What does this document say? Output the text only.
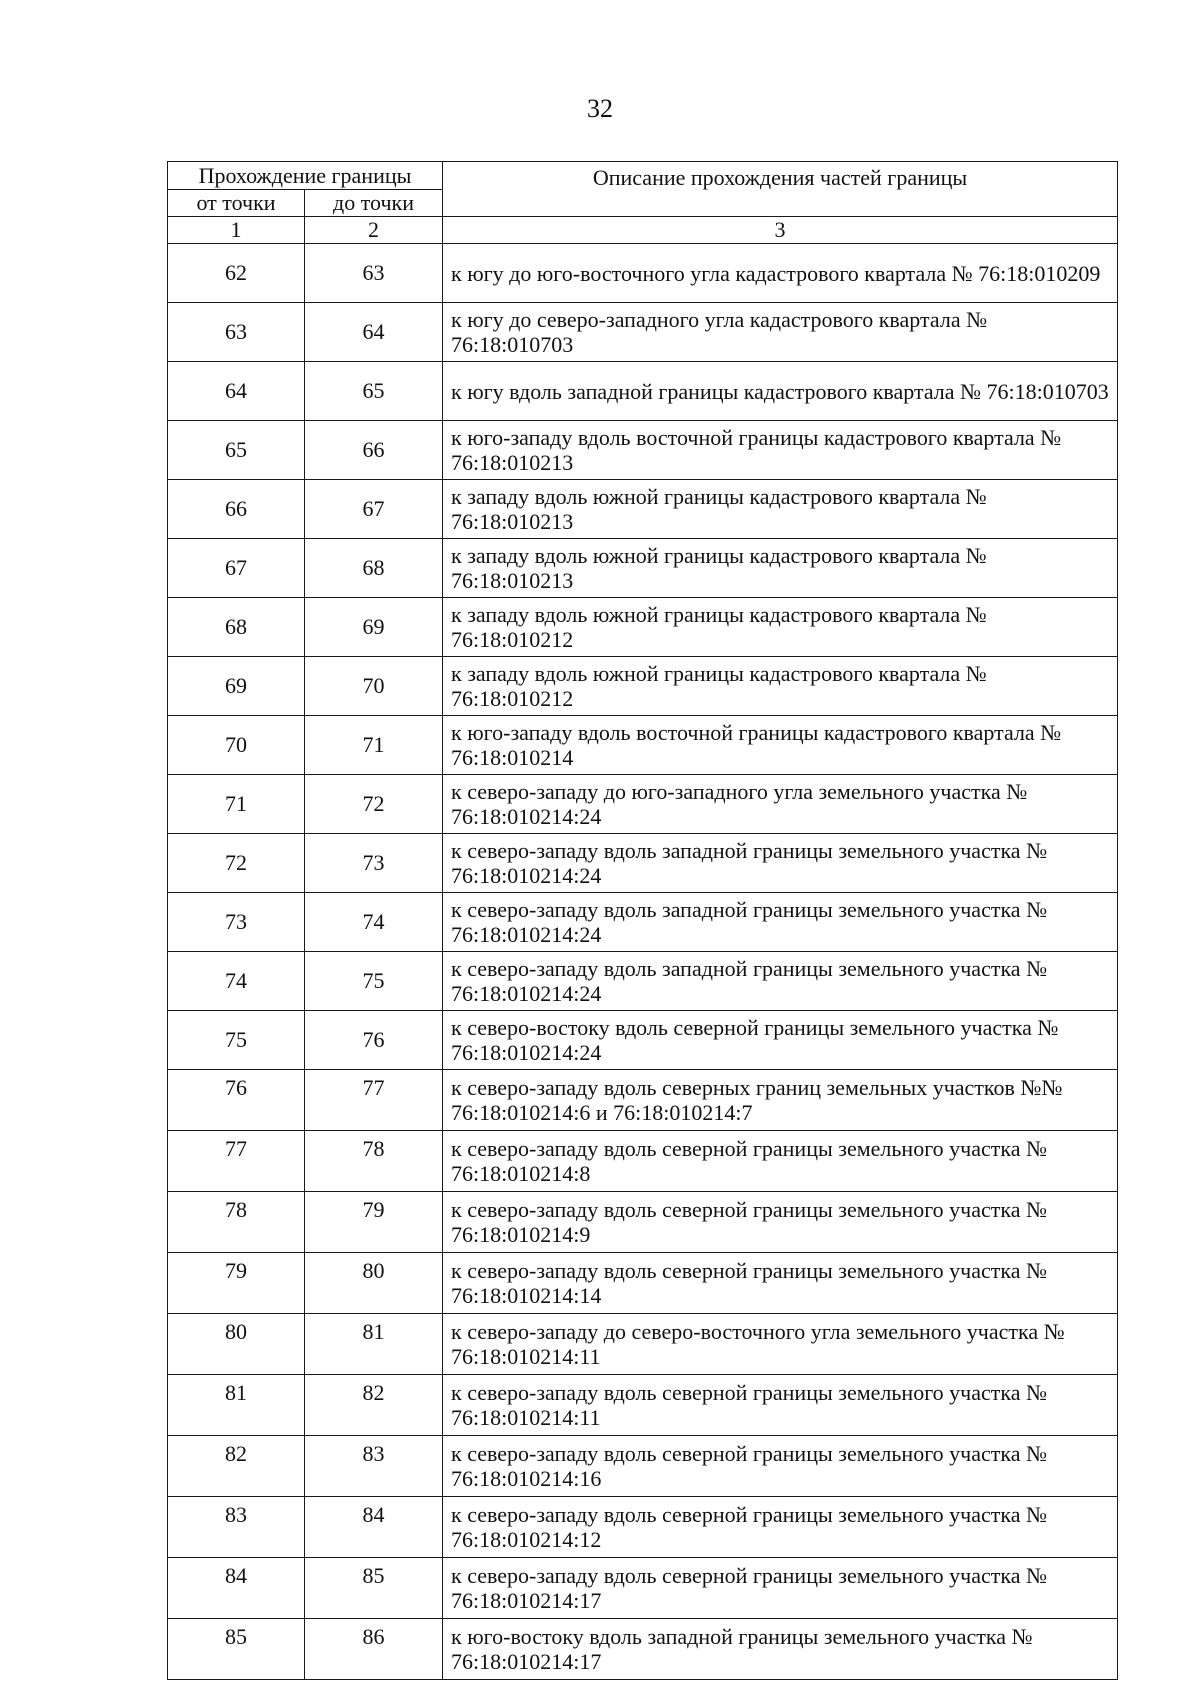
32
Прохождение границы		Описание прохождения частей границы
от точки	до точки	
1	2	3
62	63	к югу до юго-восточного угла кадастрового квартала № 76:18:010209
63	64	к югу до северо-западного угла кадастрового квартала № 76:18:010703
64	65	к югу вдоль западной границы кадастрового квартала № 76:18:010703
65	66	к юго-западу вдоль восточной границы кадастрового квартала № 76:18:010213
66	67	к западу вдоль южной границы кадастрового квартала № 76:18:010213
67	68	к западу вдоль южной границы кадастрового квартала № 76:18:010213
68	69	к западу вдоль южной границы кадастрового квартала № 76:18:010212
69	70	к западу вдоль южной границы кадастрового квартала № 76:18:010212
70	71	к юго-западу вдоль восточной границы кадастрового квартала № 76:18:010214
71	72	к северо-западу до юго-западного угла земельного участка № 76:18:010214:24
72	73	к северо-западу вдоль западной границы земельного участка № 76:18:010214:24
73	74	к северо-западу вдоль западной границы земельного участка № 76:18:010214:24
74	75	к северо-западу вдоль западной границы земельного участка № 76:18:010214:24
75	76	к северо-востоку вдоль северной границы земельного участка № 76:18:010214:24
76	77	к северо-западу вдоль северных границ земельных участков №№ 76:18:010214:6 и 76:18:010214:7
77	78	к северо-западу вдоль северной границы земельного участка № 76:18:010214:8
78	79	к северо-западу вдоль северной границы земельного участка № 76:18:010214:9
79	80	к северо-западу вдоль северной границы земельного участка № 76:18:010214:14
80	81	к северо-западу до северо-восточного угла земельного участка № 76:18:010214:11
81	82	к северо-западу вдоль северной границы земельного участка № 76:18:010214:11
82	83	к северо-западу вдоль северной границы земельного участка № 76:18:010214:16
83	84	к северо-западу вдоль северной границы земельного участка № 76:18:010214:12
84	85	к северо-западу вдоль северной границы земельного участка № 76:18:010214:17
85	86	к юго-востоку вдоль западной границы земельного участка № 76:18:010214:17
